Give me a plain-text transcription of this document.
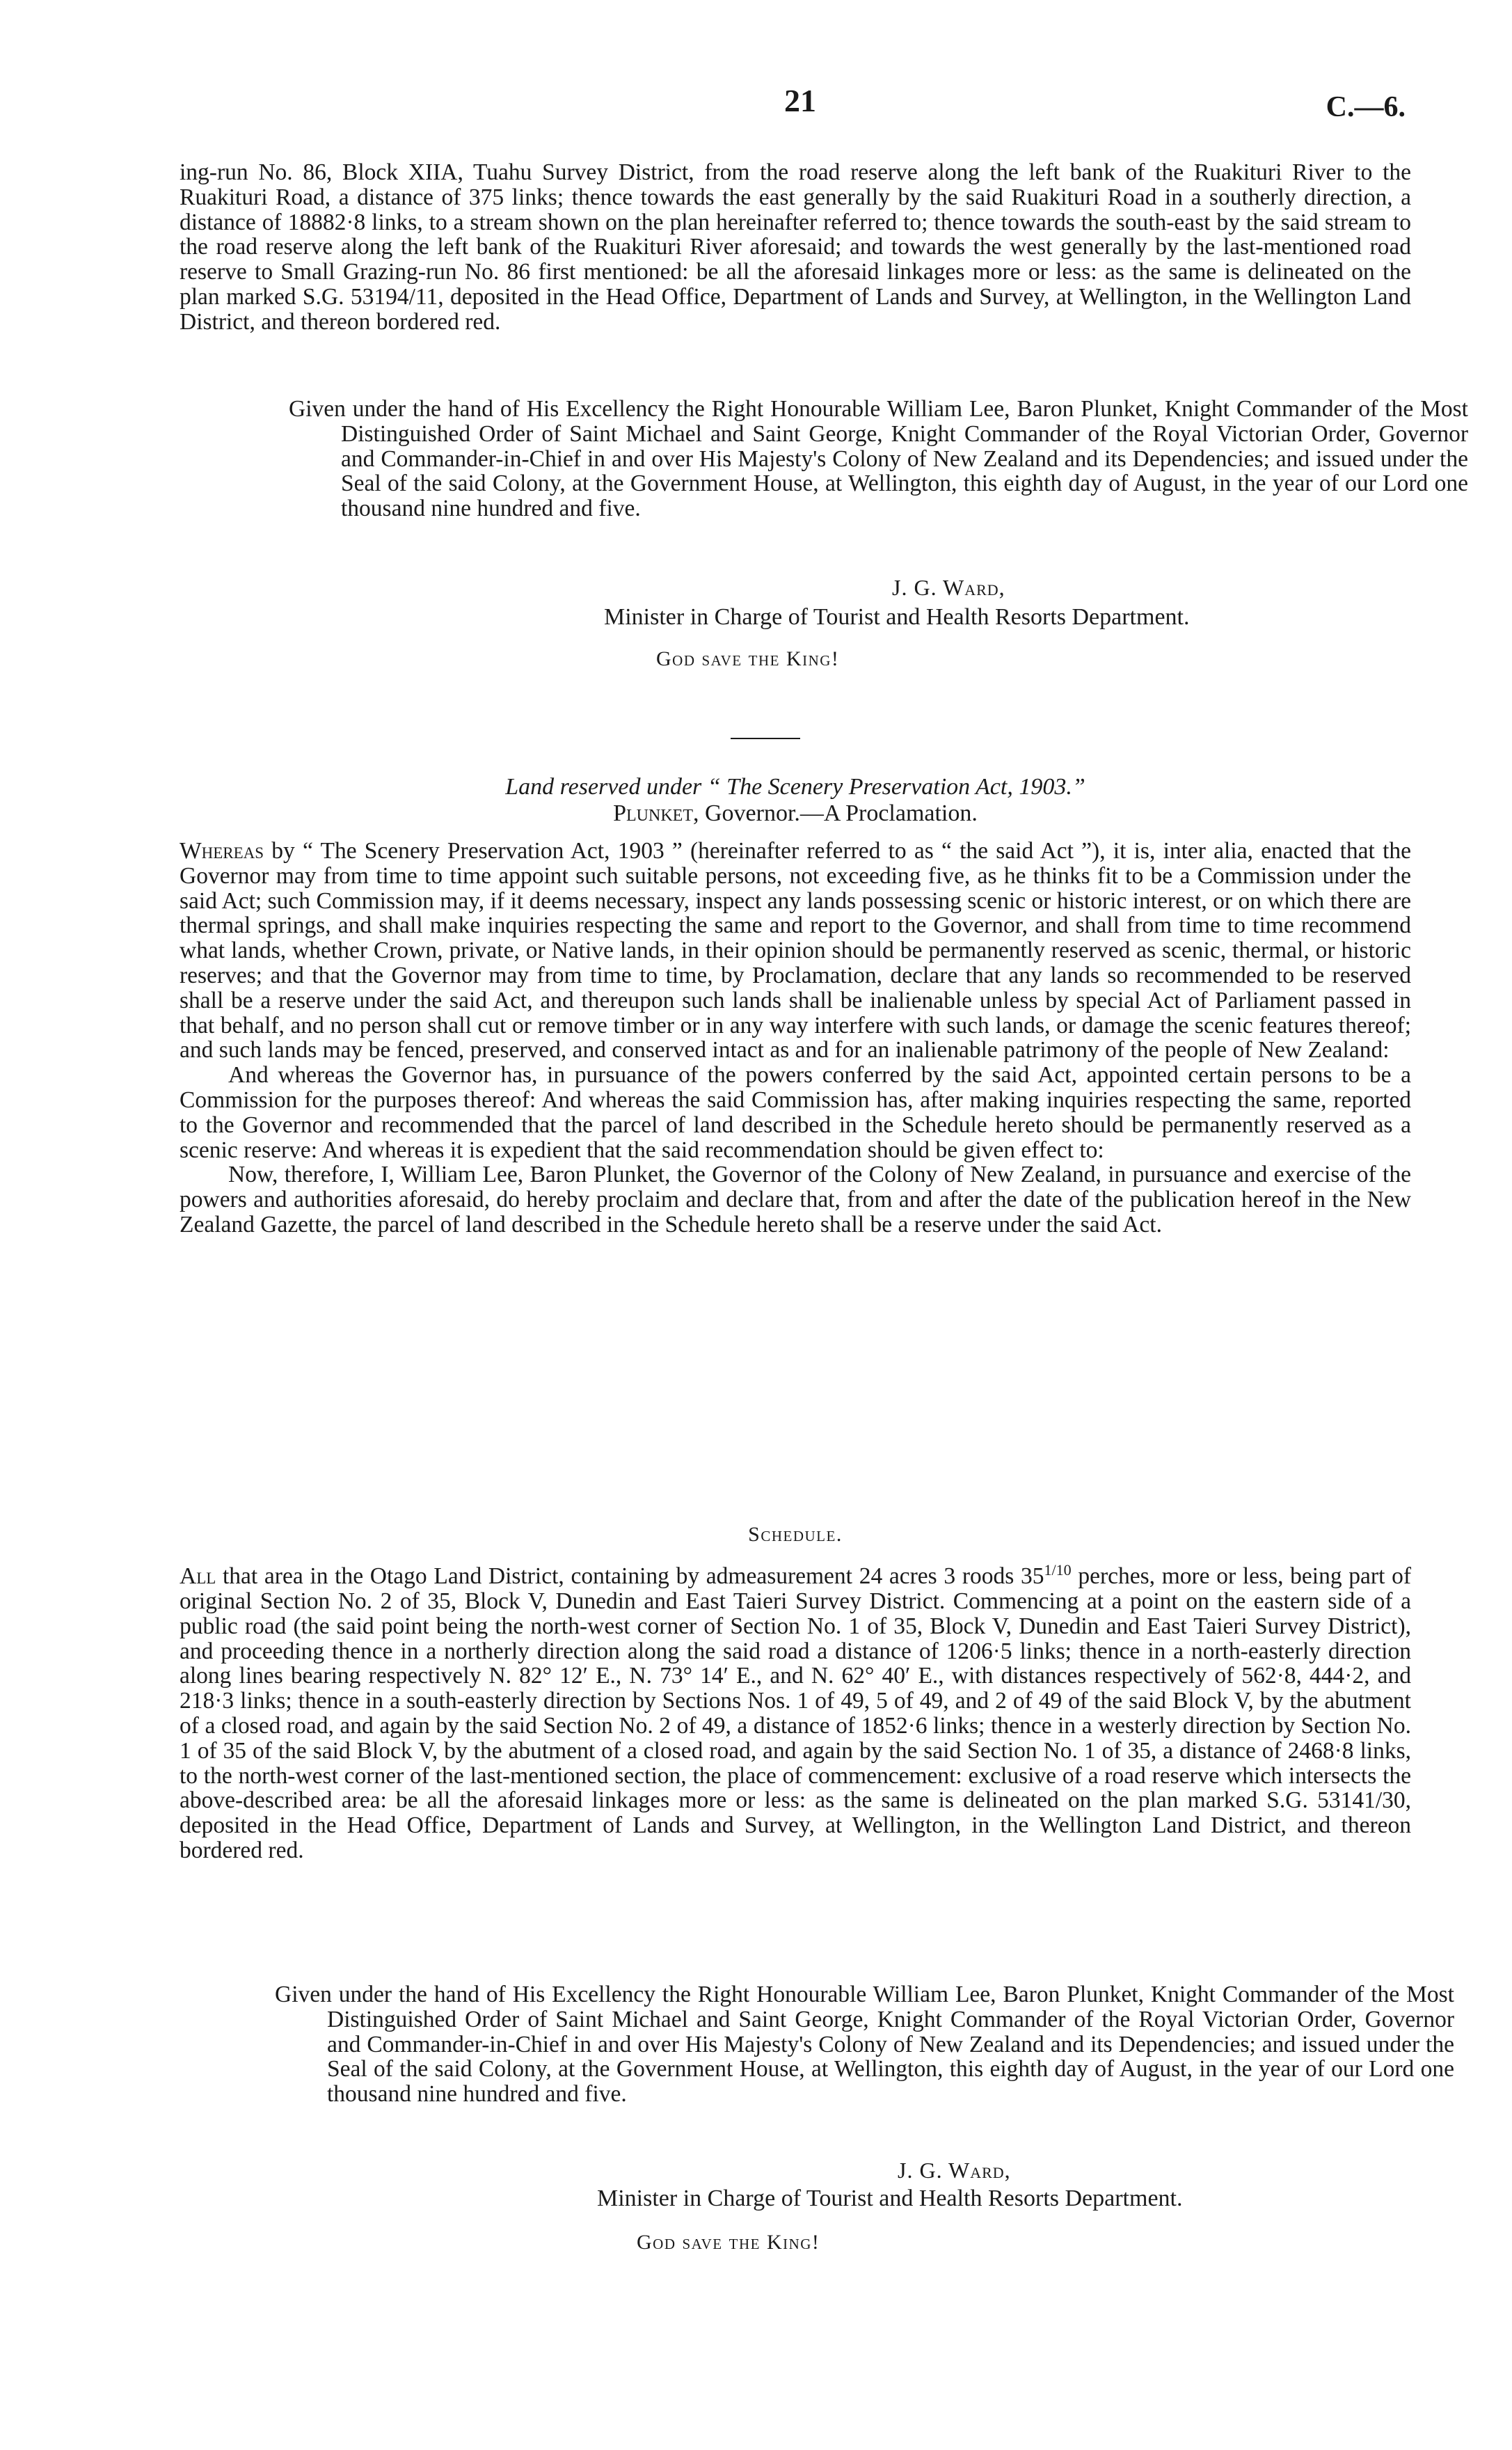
21	C.—6.

ing-run No. 86, Block XIIA, Tuahu Survey District, from the road reserve along the left bank of the Ruakituri River to the Ruakituri Road, a distance of 375 links; thence towards the east generally by the said Ruakituri Road in a southerly direction, a distance of 18882·8 links, to a stream shown on the plan hereinafter referred to; thence towards the south-east by the said stream to the road reserve along the left bank of the Ruakituri River aforesaid; and towards the west generally by the last-mentioned road reserve to Small Grazing-run No. 86 first mentioned: be all the aforesaid linkages more or less: as the same is delineated on the plan marked S.G. 53194/11, deposited in the Head Office, Department of Lands and Survey, at Wellington, in the Wellington Land District, and thereon bordered red.

Given under the hand of His Excellency the Right Honourable William Lee, Baron Plunket, Knight Commander of the Most Distinguished Order of Saint Michael and Saint George, Knight Commander of the Royal Victorian Order, Governor and Commander-in-Chief in and over His Majesty's Colony of New Zealand and its Dependencies; and issued under the Seal of the said Colony, at the Government House, at Wellington, this eighth day of August, in the year of our Lord one thousand nine hundred and five.
J. G. Ward,
Minister in Charge of Tourist and Health Resorts Department.
God save the King!
Land reserved under “ The Scenery Preservation Act, 1903.”
Plunket, Governor.—A Proclamation.

Whereas by “ The Scenery Preservation Act, 1903 ” (hereinafter referred to as “ the said Act ”), it is, inter alia, enacted that the Governor may from time to time appoint such suitable persons, not exceeding five, as he thinks fit to be a Commission under the said Act; such Commission may, if it deems necessary, inspect any lands possessing scenic or historic interest, or on which there are thermal springs, and shall make inquiries respecting the same and report to the Governor, and shall from time to time recommend what lands, whether Crown, private, or Native lands, in their opinion should be permanently reserved as scenic, thermal, or historic reserves; and that the Governor may from time to time, by Proclamation, declare that any lands so recommended to be reserved shall be a reserve under the said Act, and thereupon such lands shall be inalienable unless by special Act of Parliament passed in that behalf, and no person shall cut or remove timber or in any way interfere with such lands, or damage the scenic features thereof; and such lands may be fenced, preserved, and conserved intact as and for an inalienable patrimony of the people of New Zealand:

And whereas the Governor has, in pursuance of the powers conferred by the said Act, appointed certain persons to be a Commission for the purposes thereof: And whereas the said Commission has, after making inquiries respecting the same, reported to the Governor and recommended that the parcel of land described in the Schedule hereto should be permanently reserved as a scenic reserve: And whereas it is expedient that the said recommendation should be given effect to:

Now, therefore, I, William Lee, Baron Plunket, the Governor of the Colony of New Zealand, in pursuance and exercise of the powers and authorities aforesaid, do hereby proclaim and declare that, from and after the date of the publication hereof in the New Zealand Gazette, the parcel of land described in the Schedule hereto shall be a reserve under the said Act.

Schedule.

All that area in the Otago Land District, containing by admeasurement 24 acres 3 roods $35^{1/10}$ perches, more or less, being part of original Section No. 2 of 35, Block V, Dunedin and East Taieri Survey District. Commencing at a point on the eastern side of a public road (the said point being the north-west corner of Section No. 1 of 35, Block V, Dunedin and East Taieri Survey District), and proceeding thence in a northerly direction along the said road a distance of 1206·5 links; thence in a north-easterly direction along lines bearing respectively N. 82° 12′ E., N. 73° 14′ E., and N. 62° 40′ E., with distances respectively of 562·8, 444·2, and 218·3 links; thence in a south-easterly direction by Sections Nos. 1 of 49, 5 of 49, and 2 of 49 of the said Block V, by the abutment of a closed road, and again by the said Section No. 2 of 49, a distance of 1852·6 links; thence in a westerly direction by Section No. 1 of 35 of the said Block V, by the abutment of a closed road, and again by the said Section No. 1 of 35, a distance of 2468·8 links, to the north-west corner of the last-mentioned section, the place of commencement: exclusive of a road reserve which intersects the above-described area: be all the aforesaid linkages more or less: as the same is delineated on the plan marked S.G. 53141/30, deposited in the Head Office, Department of Lands and Survey, at Wellington, in the Wellington Land District, and thereon bordered red.

Given under the hand of His Excellency the Right Honourable William Lee, Baron Plunket, Knight Commander of the Most Distinguished Order of Saint Michael and Saint George, Knight Commander of the Royal Victorian Order, Governor and Commander-in-Chief in and over His Majesty's Colony of New Zealand and its Dependencies; and issued under the Seal of the said Colony, at the Government House, at Wellington, this eighth day of August, in the year of our Lord one thousand nine hundred and five.
J. G. Ward,
Minister in Charge of Tourist and Health Resorts Department.
God save the King!
